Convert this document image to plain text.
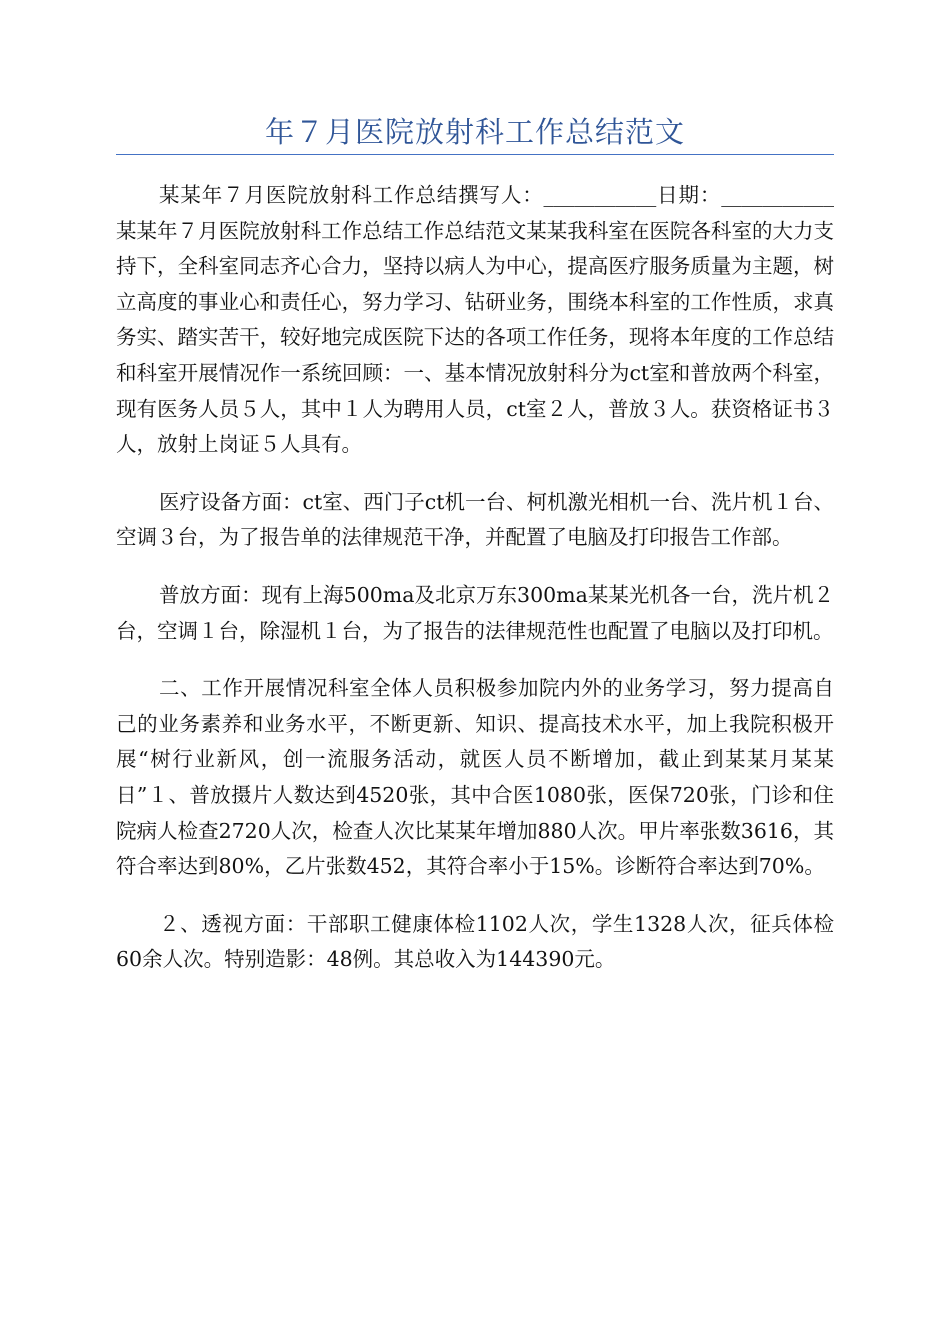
年７月医院放射科工作总结范文

某某年７月医院放射科工作总结撰写人：___________日期：___________某某年７月医院放射科工作总结工作总结范文某某我科室在医院各科室的大力支持下，全科室同志齐心合力，坚持以病人为中心，提高医疗服务质量为主题，树立高度的事业心和责任心，努力学习、钻研业务，围绕本科室的工作性质，求真务实、踏实苦干，较好地完成医院下达的各项工作任务，现将本年度的工作总结和科室开展情况作一系统回顾：一、基本情况放射科分为ct室和普放两个科室，现有医务人员５人，其中１人为聘用人员，ct室２人，普放３人。获资格证书３人，放射上岗证５人具有。

医疗设备方面：ct室、西门子ct机一台、柯机激光相机一台、洗片机１台、空调３台，为了报告单的法律规范干净，并配置了电脑及打印报告工作部。

普放方面：现有上海500ma及北京万东300ma某某光机各一台，洗片机２台，空调１台，除湿机１台，为了报告的法律规范性也配置了电脑以及打印机。

二、工作开展情况科室全体人员积极参加院内外的业务学习，努力提高自己的业务素养和业务水平，不断更新、知识、提高技术水平，加上我院积极开展“树行业新风，创一流服务活动，就医人员不断增加，截止到某某月某某日”１、普放摄片人数达到4520张，其中合医1080张，医保720张，门诊和住院病人检查2720人次，检查人次比某某年增加880人次。甲片率张数3616，其符合率达到80%，乙片张数452，其符合率小于15%。诊断符合率达到70%。

２、透视方面：干部职工健康体检1102人次，学生1328人次，征兵体检60余人次。特别造影：48例。其总收入为144390元。
